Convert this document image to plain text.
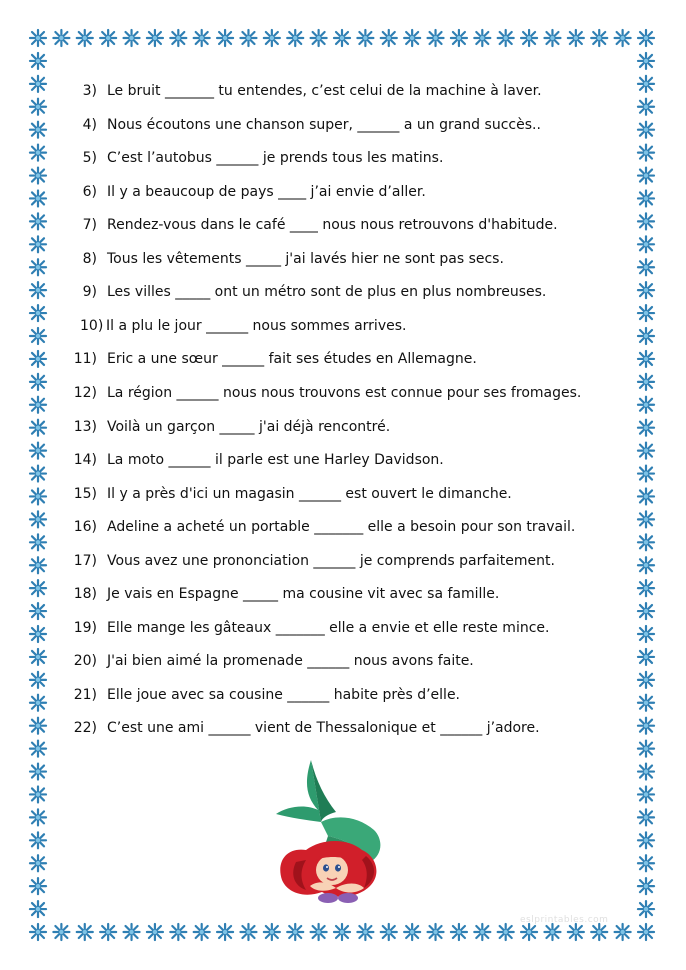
3) Le bruit _______ tu entendes, c’est celui de la machine à laver.
4) Nous écoutons une chanson super, ______ a un grand succès..
5) C’est l’autobus ______ je prends tous les matins.
6) Il y a beaucoup de pays ____ j’ai envie d’aller.
7) Rendez-vous dans le café ____ nous nous retrouvons d'habitude.
8) Tous les vêtements _____ j'ai lavés hier ne sont pas secs.
9) Les villes _____ ont un métro sont de plus en plus nombreuses.
10) Il a plu le jour ______ nous sommes arrives.
11) Eric a une sœur ______ fait ses études en Allemagne.
12) La région ______ nous nous trouvons est connue pour ses fromages.
13) Voilà un garçon _____ j'ai déjà rencontré.
14) La moto ______ il parle est une Harley Davidson.
15) Il y a près d'ici un magasin ______ est ouvert le dimanche.
16) Adeline a acheté un portable _______ elle a besoin pour son travail.
17) Vous avez une prononciation ______ je comprends parfaitement.
18) Je vais en Espagne _____ ma cousine vit avec sa famille.
19) Elle mange les gâteaux _______ elle a envie et elle reste mince.
20) J'ai bien aimé la promenade ______ nous avons faite.
21) Elle joue avec sa cousine ______ habite près d’elle.
22) C’est une ami ______ vient de Thessalonique et ______ j’adore.
eslprintables.com
